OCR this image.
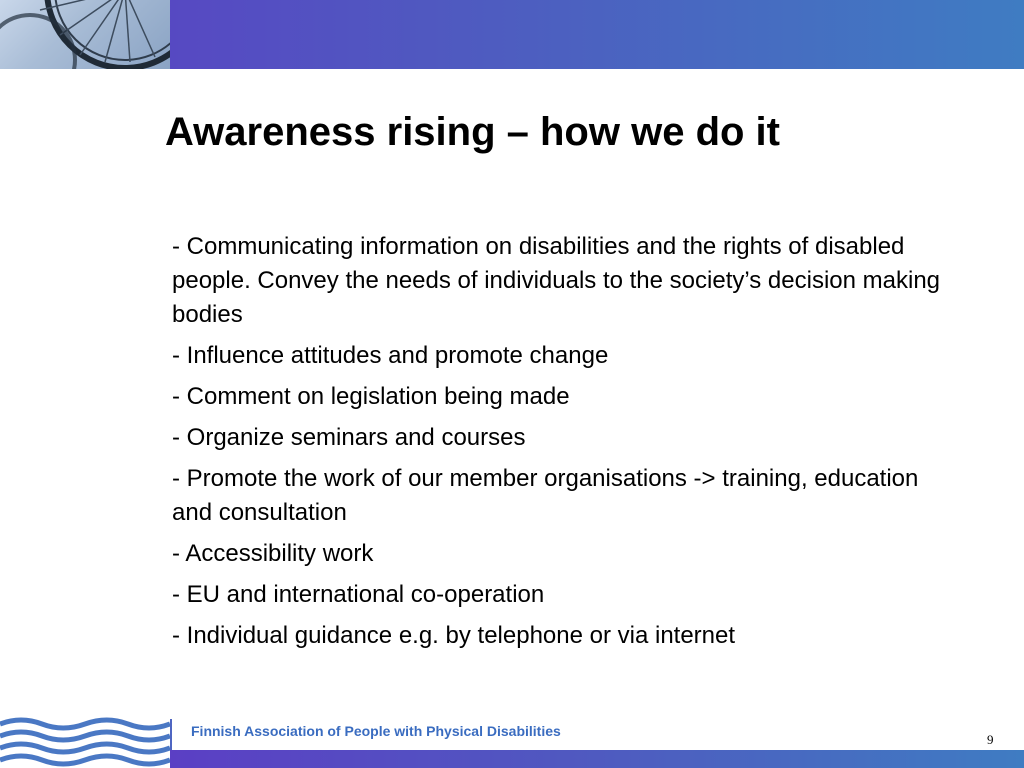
Awareness rising – how we do it
- Communicating information on disabilities and the rights of disabled people. Convey the needs of individuals to the society’s decision making bodies
- Influence attitudes and promote change
- Comment on legislation being made
- Organize seminars and courses
- Promote the work of our member organisations -> training, education and consultation
- Accessibility work
- EU and international co-operation
- Individual guidance e.g. by telephone or via internet
Finnish Association of People with Physical Disabilities
9
